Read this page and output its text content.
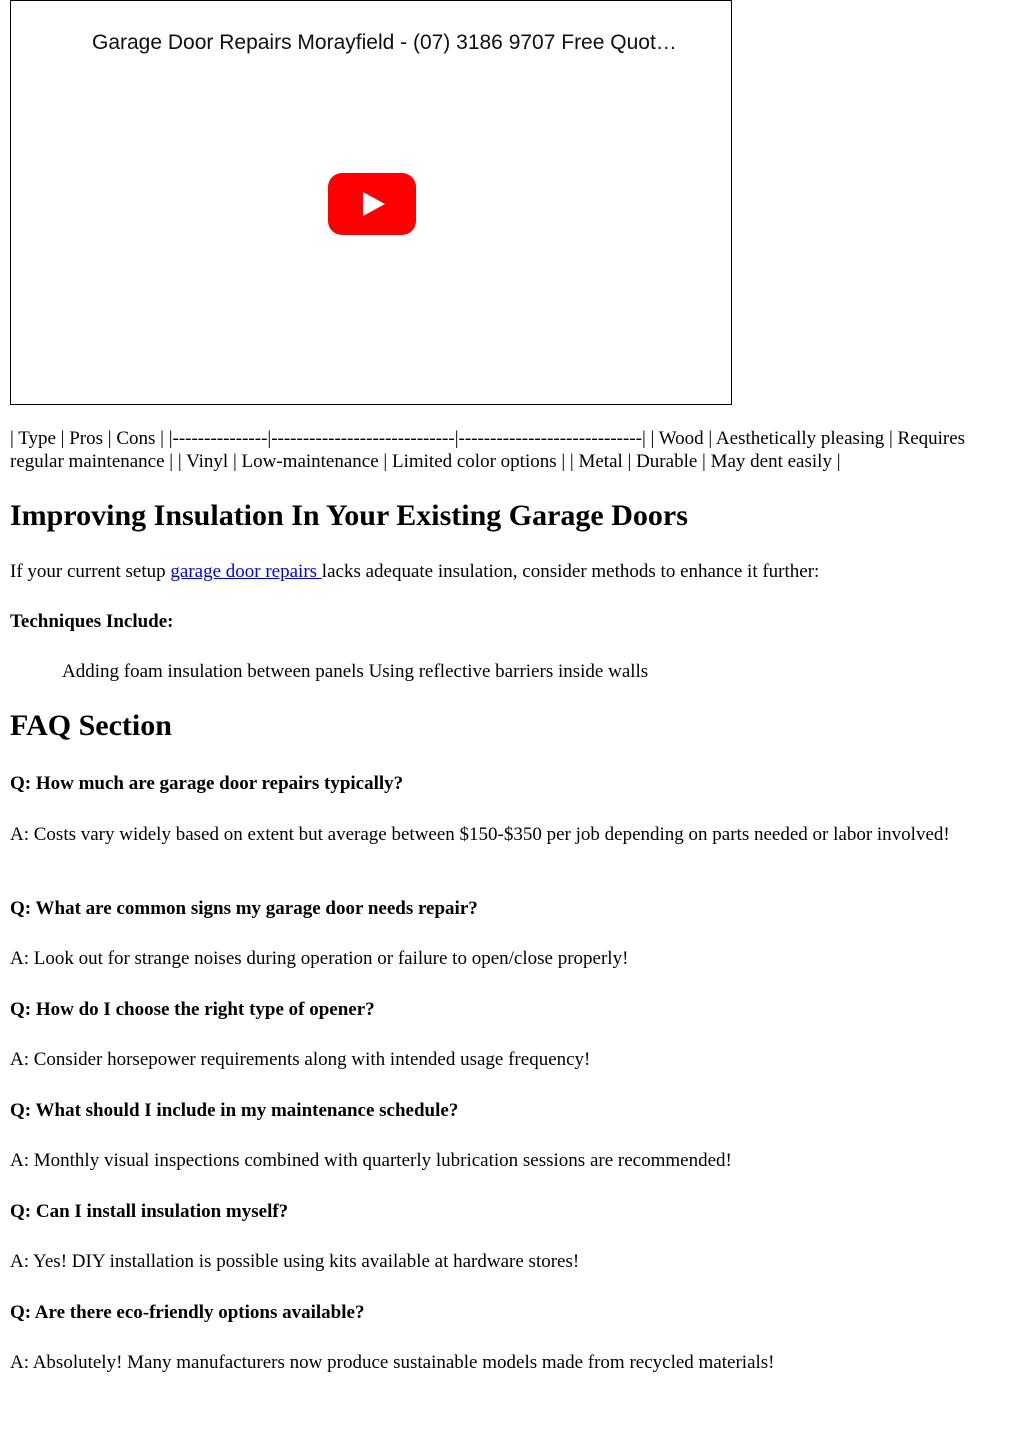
Garage Door Repairs Morayfield - (07) 3186 9707 Free Quot…

| Type | Pros | Cons | |---------------|-----------------------------|-----------------------------| | Wood | Aesthetically pleasing | Requires regular maintenance | | Vinyl | Low-maintenance | Limited color options | | Metal | Durable | May dent easily |

Improving Insulation In Your Existing Garage Doors

If your current setup garage door repairs lacks adequate insulation, consider methods to enhance it further:

Techniques Include:

Adding foam insulation between panels Using reflective barriers inside walls

FAQ Section

Q: How much are garage door repairs typically?

A: Costs vary widely based on extent but average between $150-$350 per job depending on parts needed or labor involved!

Q: What are common signs my garage door needs repair?

A: Look out for strange noises during operation or failure to open/close properly!

Q: How do I choose the right type of opener?

A: Consider horsepower requirements along with intended usage frequency!

Q: What should I include in my maintenance schedule?

A: Monthly visual inspections combined with quarterly lubrication sessions are recommended!

Q: Can I install insulation myself?

A: Yes! DIY installation is possible using kits available at hardware stores!

Q: Are there eco-friendly options available?

A: Absolutely! Many manufacturers now produce sustainable models made from recycled materials!
